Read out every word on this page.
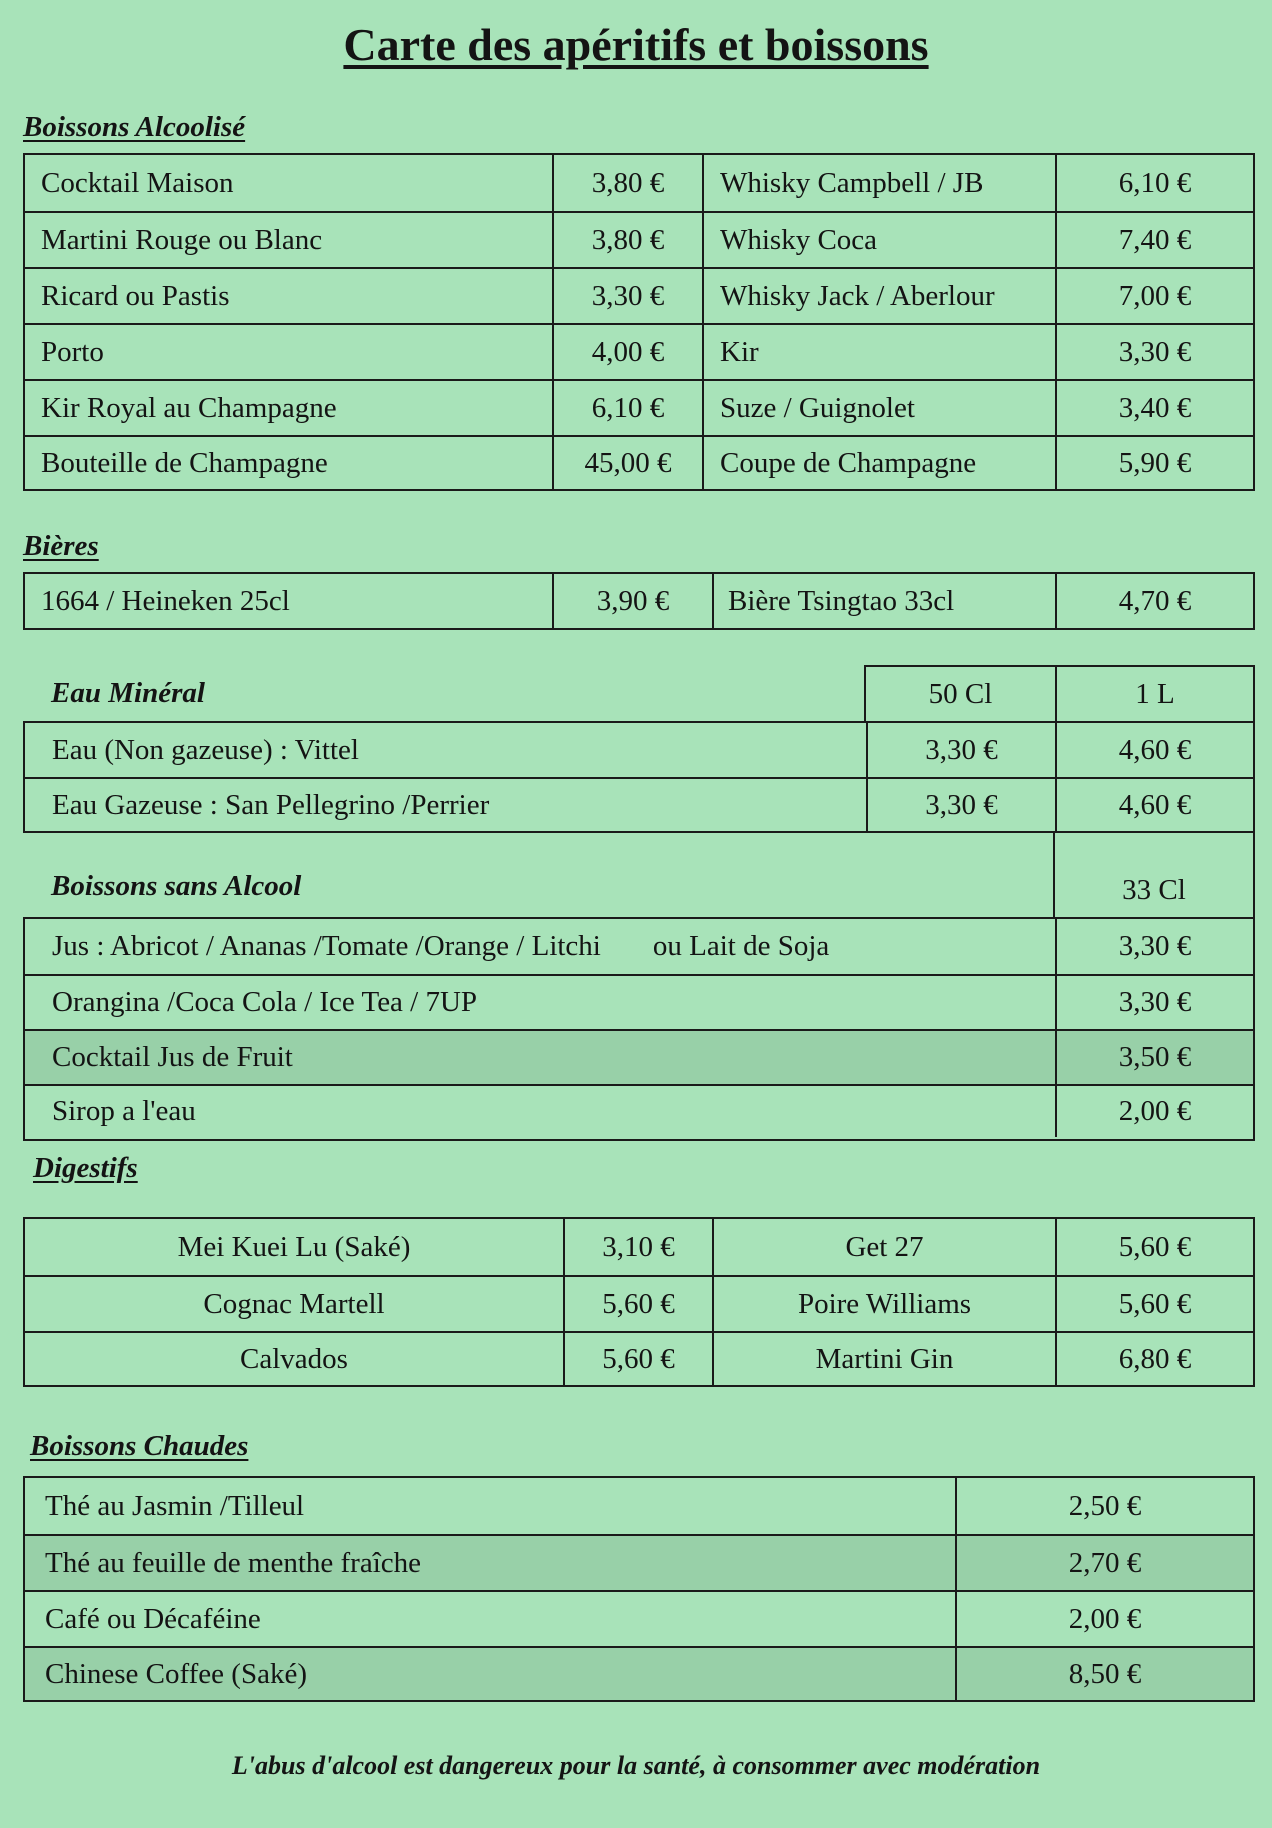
Carte des apéritifs et boissons
Boissons Alcoolisé
Cocktail Maison	3,80 €	Whisky Campbell / JB	6,10 €
Martini Rouge ou Blanc	3,80 €	Whisky Coca	7,40 €
Ricard ou Pastis	3,30 €	Whisky Jack / Aberlour	7,00 €
Porto	4,00 €	Kir	3,30 €
Kir Royal au Champagne	6,10 €	Suze / Guignolet	3,40 €
Bouteille de Champagne	45,00 €	Coupe de Champagne	5,90 €
Bières
1664 / Heineken 25cl	3,90 €	Bière Tsingtao 33cl	4,70 €
Eau Minéral	50 Cl	1 L
Eau (Non gazeuse) : Vittel	3,30 €	4,60 €
Eau Gazeuse : San Pellegrino /Perrier	3,30 €	4,60 €
Boissons sans Alcool	33 Cl
Jus : Abricot / Ananas /Tomate /Orange / Litchi ou Lait de Soja	3,30 €
Orangina /Coca Cola / Ice Tea / 7UP	3,30 €
Cocktail Jus de Fruit	3,50 €
Sirop a l'eau	2,00 €
Digestifs
Mei Kuei Lu (Saké)	3,10 €	Get 27	5,60 €
Cognac Martell	5,60 €	Poire Williams	5,60 €
Calvados	5,60 €	Martini Gin	6,80 €
Boissons Chaudes
Thé au Jasmin /Tilleul	2,50 €
Thé au feuille de menthe fraîche	2,70 €
Café ou Décaféine	2,00 €
Chinese Coffee (Saké)	8,50 €
L'abus d'alcool est dangereux pour la santé, à consommer avec modération
